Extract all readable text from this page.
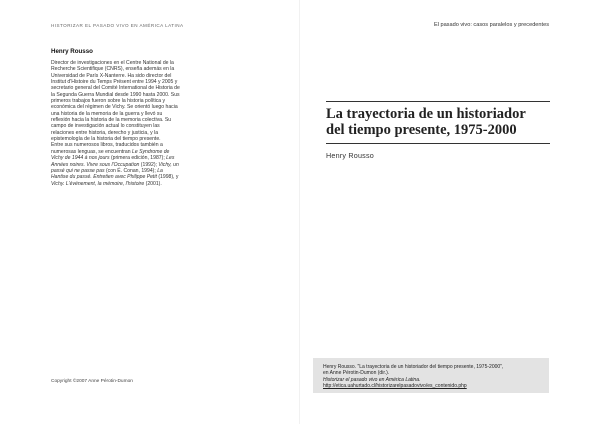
HISTORIZAR EL PASADO VIVO EN AMÉRICA LATINA
Henry Rousso

Director de investigaciones en el Centre National de la Recherche Scientifique (CNRS), enseña además en la Universidad de París X-Nanterre. Ha sido director del Institut d'Histoire du Temps Présent entre 1994 y 2005 y secretario general del Comité International de Historia de la Segunda Guerra Mundial desde 1990 hasta 2000. Sus primeros trabajos fueron sobre la historia política y económica del régimen de Vichy. Se orientó luego hacia una historia de la memoria de la guerra y llevó su reflexión hacia la historia de la memoria colectiva. Su campo de investigación actual lo constituyen las relaciones entre historia, derecho y justicia, y la epistemología de la historia del tiempo presente.

Entre sus numerosos libros, traducidos también a numerosas lenguas, se encuentran Le Syndrome de Vichy de 1944 à nos jours (primera edición, 1987); Les Années noires. Vivre sous l'Occupation (1992); Vichy, un passé qui ne passe pas (con É. Conan, 1994); La Hantise du passé. Entretien avec Philippe Petit (1998), y Vichy. L'événement, la mémoire, l'histoire (2001).

Copyright ©2007 Anne Pérotin-Dumon
El pasado vivo: casos paralelos y precedentes
La trayectoria de un historiador
del tiempo presente, 1975-2000
Henry Rousso
Henry Rousso. "La trayectoria de un historiador del tiempo presente, 1975-2000",
en Anne Pérotin-Dumon (dir.).
Historizar el pasado vivo en América Latina.
http://etica.uahurtado.cl/historizarelpasadovivo/es_contenido.php
